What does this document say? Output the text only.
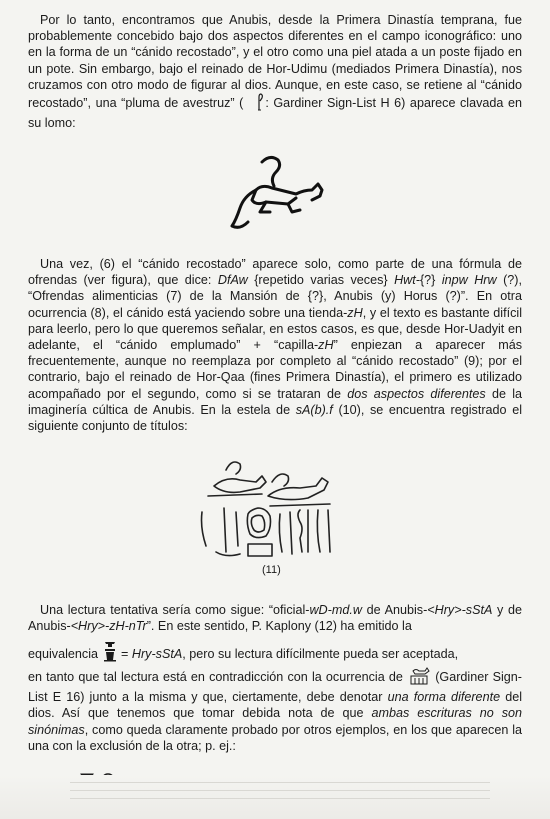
Por lo tanto, encontramos que Anubis, desde la Primera Dinastía temprana, fue probablemente concebido bajo dos aspectos diferentes en el campo iconográfico: uno en la forma de un “cánido recostado”, y el otro como una piel atada a un poste fijado en un pote. Sin embargo, bajo el reinado de Hor-Udimu (mediados Primera Dinastía), nos cruzamos con otro modo de figurar al dios. Aunque, en este caso, se retiene al “cánido recostado”, una “pluma de avestruz” ( : Gardiner Sign-List H 6) aparece clavada en su lomo:

Una vez, (6) el “cánido recostado” aparece solo, como parte de una fórmula de ofrendas (ver figura), que dice: DfAw {repetido varias veces} Hwt-{?} inpw Hrw (?), “Ofrendas alimenticias (7) de la Mansión de {?}, Anubis (y) Horus (?)”. En otra ocurrencia (8), el cánido está yaciendo sobre una tienda-zH, y el texto es bastante difícil para leerlo, pero lo que queremos señalar, en estos casos, es que, desde Hor-Uadyit en adelante, el “cánido emplumado” + “capilla-zH” enpiezan a aparecer más frecuentemente, aunque no reemplaza por completo al “cánido recostado” (9); por el contrario, bajo el reinado de Hor-Qaa (fines Primera Dinastía), el primero es utilizado acompañado por el segundo, como si se trataran de dos aspectos diferentes de la imaginería cúltica de Anubis. En la estela de sA(b).f (10), se encuentra registrado el siguiente conjunto de títulos:

(11)

Una lectura tentativa sería como sigue: “oficial-wD-md.w de Anubis-<Hry>-sStA y de Anubis-<Hry>-zH-nTr”. En este sentido, P. Kaplony (12) ha emitido la

equivalencia  = Hry-sStA, pero su lectura difícilmente pueda ser aceptada,

en tanto que tal lectura está en contradicción con la ocurrencia de  (Gardiner Sign-List E 16) junto a la misma y que, ciertamente, debe denotar una forma diferente del dios. Así que tenemos que tomar debida nota de que ambas escrituras no son sinónimas, como queda claramente probado por otros ejemplos, en los que aparecen la una con la exclusión de la otra; p. ej.:
